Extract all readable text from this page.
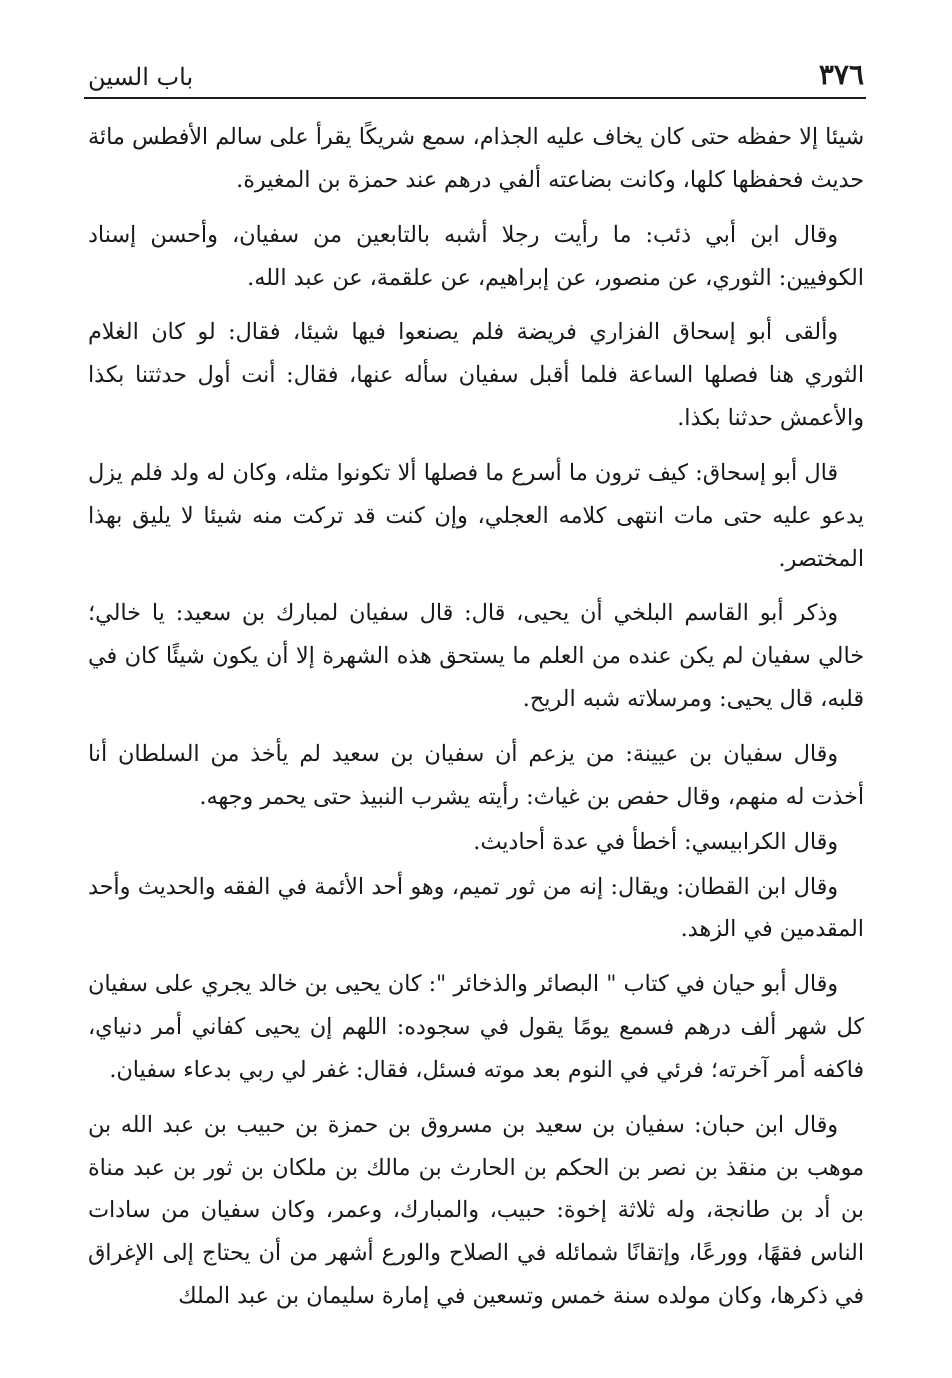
٣٧٦
باب السين

شيئا إلا حفظه حتى كان يخاف عليه الجذام، سمع شريكًا يقرأ على سالم الأفطس مائة حديث فحفظها كلها، وكانت بضاعته ألفي درهم عند حمزة بن المغيرة.

وقال ابن أبي ذئب: ما رأيت رجلا أشبه بالتابعين من سفيان، وأحسن إسناد الكوفيين: الثوري، عن منصور، عن إبراهيم، عن علقمة، عن عبد الله.

وألقى أبو إسحاق الفزاري فريضة فلم يصنعوا فيها شيئا، فقال: لو كان الغلام الثوري هنا فصلها الساعة فلما أقبل سفيان سأله عنها، فقال: أنت أول حدثتنا بكذا والأعمش حدثنا بكذا.

قال أبو إسحاق: كيف ترون ما أسرع ما فصلها ألا تكونوا مثله، وكان له ولد فلم يزل يدعو عليه حتى مات انتهى كلامه العجلي، وإن كنت قد تركت منه شيئا لا يليق بهذا المختصر.

وذكر أبو القاسم البلخي أن يحيى، قال: قال سفيان لمبارك بن سعيد: يا خالي؛ خالي سفيان لم يكن عنده من العلم ما يستحق هذه الشهرة إلا أن يكون شيئًا كان في قلبه، قال يحيى: ومرسلاته شبه الريح.

وقال سفيان بن عيينة: من يزعم أن سفيان بن سعيد لم يأخذ من السلطان أنا أخذت له منهم، وقال حفص بن غياث: رأيته يشرب النبيذ حتى يحمر وجهه.

وقال الكرابيسي: أخطأ في عدة أحاديث.

وقال ابن القطان: ويقال: إنه من ثور تميم، وهو أحد الأئمة في الفقه والحديث وأحد المقدمين في الزهد.

وقال أبو حيان في كتاب " البصائر والذخائر ": كان يحيى بن خالد يجري على سفيان كل شهر ألف درهم فسمع يومًا يقول في سجوده: اللهم إن يحيى كفاني أمر دنياي، فاكفه أمر آخرته؛ فرئي في النوم بعد موته فسئل، فقال: غفر لي ربي بدعاء سفيان.

وقال ابن حبان: سفيان بن سعيد بن مسروق بن حمزة بن حبيب بن عبد الله بن موهب بن منقذ بن نصر بن الحكم بن الحارث بن مالك بن ملكان بن ثور بن عبد مناة بن أد بن طانجة، وله ثلاثة إخوة: حبيب، والمبارك، وعمر، وكان سفيان من سادات الناس فقهًا، وورعًا، وإتقانًا شمائله في الصلاح والورع أشهر من أن يحتاج إلى الإغراق في ذكرها، وكان مولده سنة خمس وتسعين في إمارة سليمان بن عبد الملك
